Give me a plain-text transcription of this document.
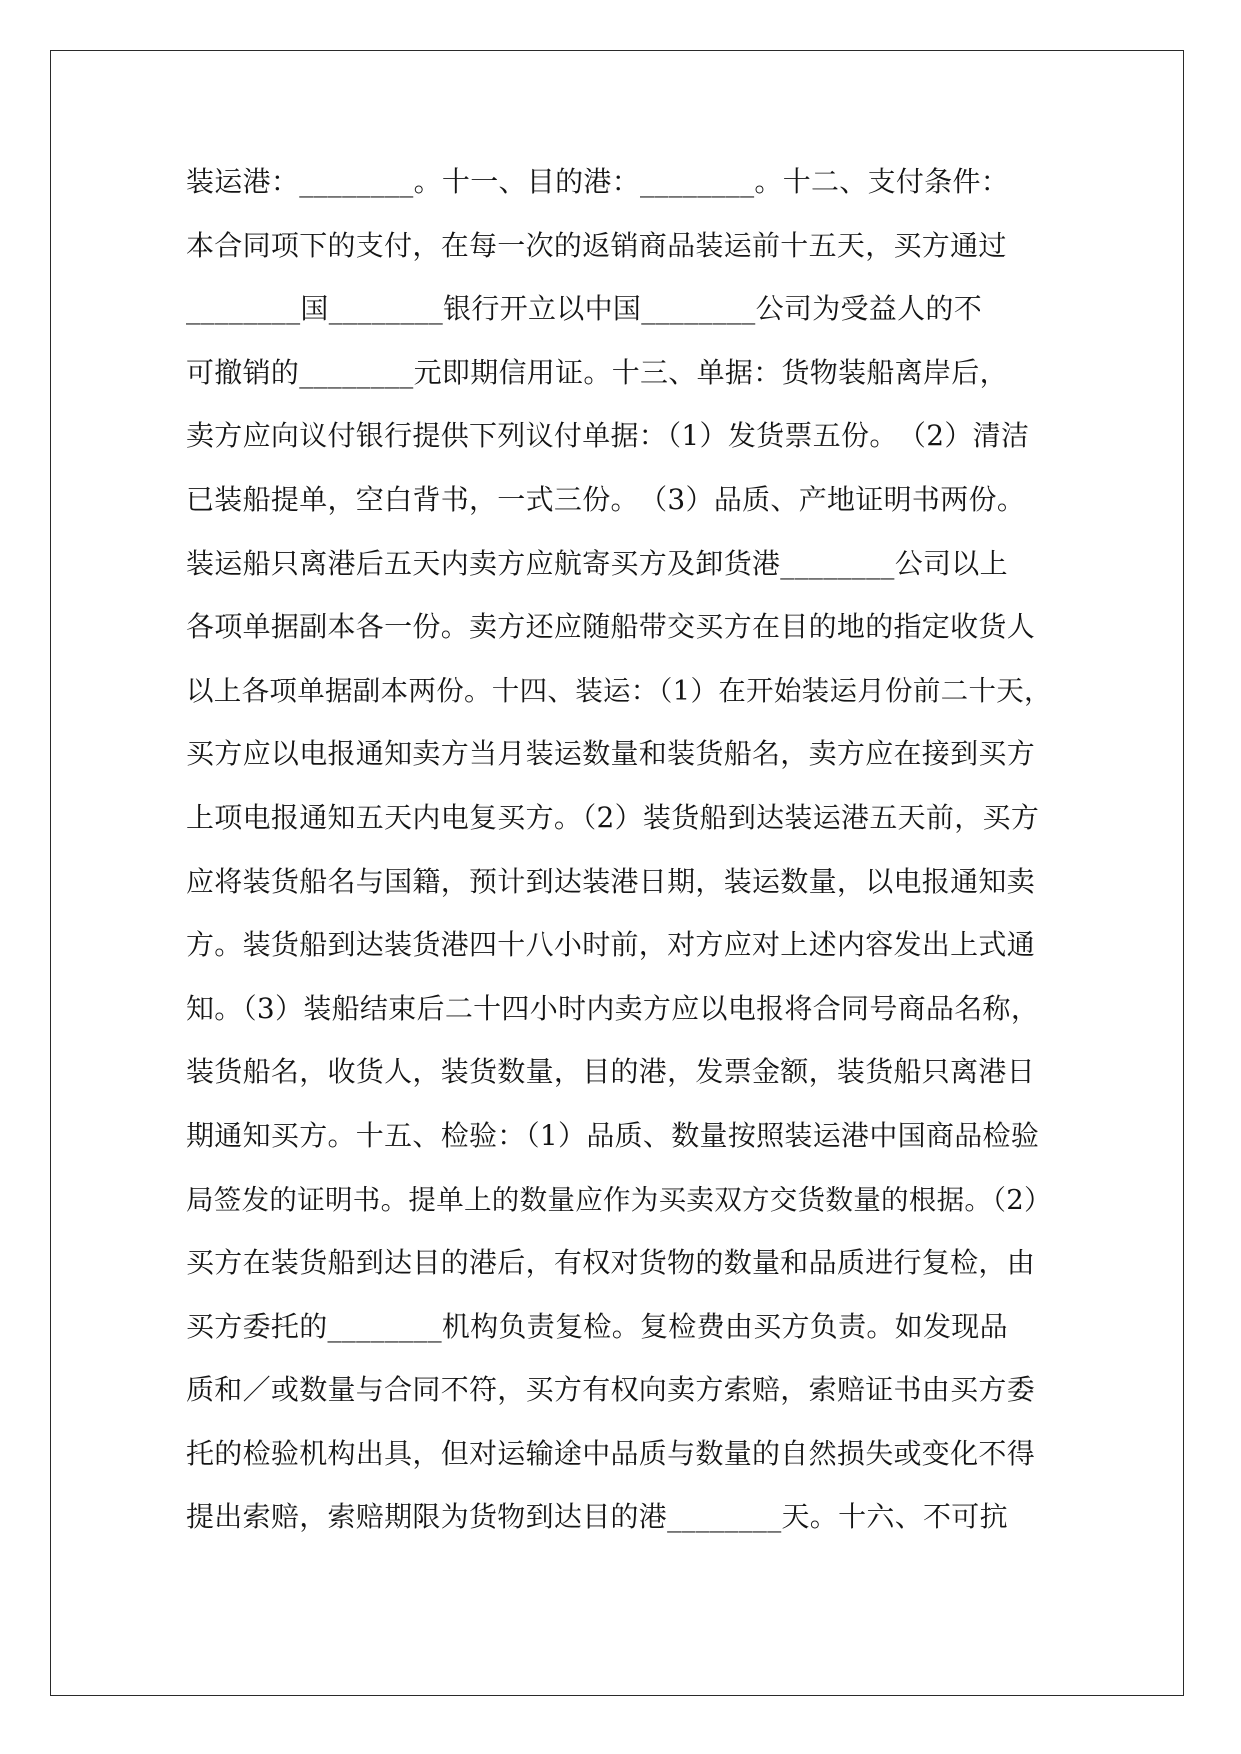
装运港：________。十一、目的港：________。十二、支付条件：
本合同项下的支付，在每一次的返销商品装运前十五天，买方通过
________国________银行开立以中国________公司为受益人的不
可撤销的________元即期信用证。十三、单据：货物装船离岸后，
卖方应向议付银行提供下列议付单据：（1）发货票五份。　（2）清洁
已装船提单，空白背书，一式三份。　（3）品质、产地证明书两份。
装运船只离港后五天内卖方应航寄买方及卸货港________公司以上
各项单据副本各一份。卖方还应随船带交买方在目的地的指定收货人
以上各项单据副本两份。十四、装运：（1）在开始装运月份前二十天，
买方应以电报通知卖方当月装运数量和装货船名，卖方应在接到买方
上项电报通知五天内电复买方。（2）装货船到达装运港五天前，买方
应将装货船名与国籍，预计到达装港日期，装运数量，以电报通知卖
方。装货船到达装货港四十八小时前，对方应对上述内容发出上式通
知。（3）装船结束后二十四小时内卖方应以电报将合同号商品名称，
装货船名，收货人，装货数量，目的港，发票金额，装货船只离港日
期通知买方。十五、检验：（1）品质、数量按照装运港中国商品检验
局签发的证明书。提单上的数量应作为买卖双方交货数量的根据。（2）
买方在装货船到达目的港后，有权对货物的数量和品质进行复检，由
买方委托的________机构负责复检。复检费由买方负责。如发现品
质和／或数量与合同不符，买方有权向卖方索赔，索赔证书由买方委
托的检验机构出具，但对运输途中品质与数量的自然损失或变化不得
提出索赔，索赔期限为货物到达目的港________天。十六、不可抗
